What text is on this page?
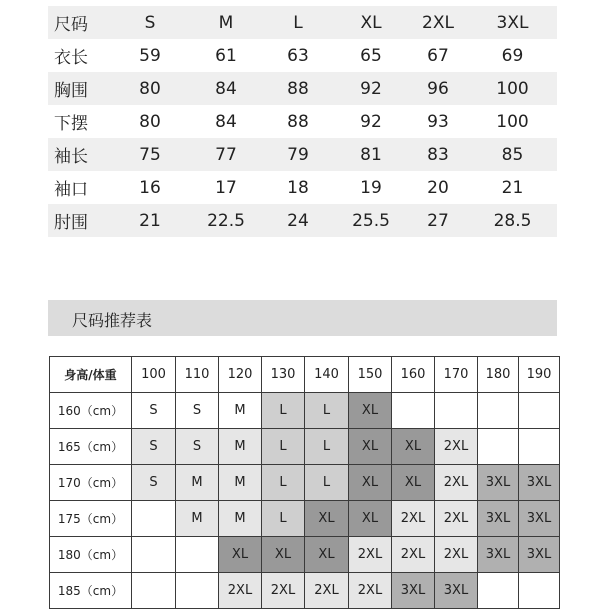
尺码	S	M	L	XL	2XL	3XL
衣长	59	61	63	65	67	69
胸围	80	84	88	92	96	100
下摆	80	84	88	92	93	100
袖长	75	77	79	81	83	85
袖口	16	17	18	19	20	21
肘围	21	22.5	24	25.5	27	28.5
尺码推荐表
身高/体重	100	110	120	130	140	150	160	170	180	190
160（cm）	S	S	M	L	L	XL				
165（cm）	S	S	M	L	L	XL	XL	2XL		
170（cm）	S	M	M	L	L	XL	XL	2XL	3XL	3XL
175（cm）		M	M	L	XL	XL	2XL	2XL	3XL	3XL
180（cm）			XL	XL	XL	2XL	2XL	2XL	3XL	3XL
185（cm）			2XL	2XL	2XL	2XL	3XL	3XL		
